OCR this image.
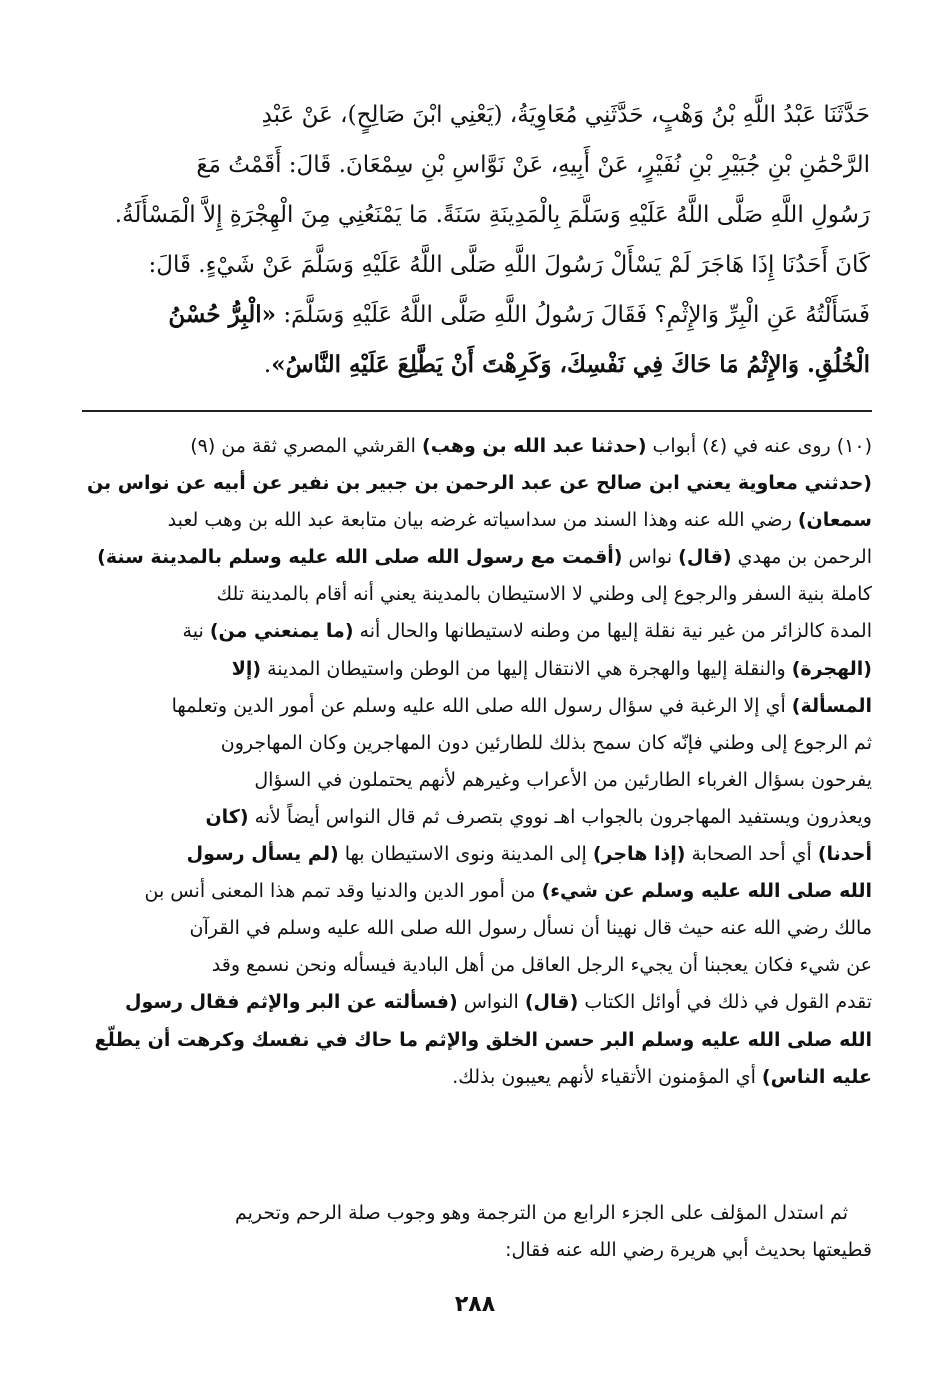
حَدَّثَنَا عَبْدُ اللَّهِ بْنُ وَهْبٍ، حَدَّثَنِي مُعَاوِيَةُ، (يَعْنِي ابْنَ صَالِحٍ)، عَنْ عَبْدِ
الرَّحْمَٰنِ بْنِ جُبَيْرِ بْنِ نُفَيْرٍ، عَنْ أَبِيهِ، عَنْ نَوَّاسِ بْنِ سِمْعَانَ. قَالَ: أَقَمْتُ مَعَ
رَسُولِ اللَّهِ صَلَّى اللَّهُ عَلَيْهِ وَسَلَّمَ بِالْمَدِينَةِ سَنَةً. مَا يَمْنَعُنِي مِنَ الْهِجْرَةِ إِلاَّ الْمَسْأَلَةُ.
كَانَ أَحَدُنَا إِذَا هَاجَرَ لَمْ يَسْأَلْ رَسُولَ اللَّهِ صَلَّى اللَّهُ عَلَيْهِ وَسَلَّمَ عَنْ شَيْءٍ. قَالَ:
فَسَأَلْتُهُ عَنِ الْبِرِّ وَالإِثْمِ؟ فَقَالَ رَسُولُ اللَّهِ صَلَّى اللَّهُ عَلَيْهِ وَسَلَّمَ: «الْبِرُّ حُسْنُ
الْخُلُقِ. وَالإِثْمُ مَا حَاكَ فِي نَفْسِكَ، وَكَرِهْتَ أَنْ يَطَّلِعَ عَلَيْهِ النَّاسُ».
(١٠) روى عنه في (٤) أبواب (حدثنا عبد الله بن وهب) القرشي المصري ثقة من (٩)
(حدثني معاوية يعني ابن صالح عن عبد الرحمن بن جبير بن نفير عن أبيه عن نواس بن
سمعان) رضي الله عنه وهذا السند من سداسياته غرضه بيان متابعة عبد الله بن وهب لعبد
الرحمن بن مهدي (قال) نواس (أقمت مع رسول الله صلى الله عليه وسلم بالمدينة سنة)
كاملة بنية السفر والرجوع إلى وطني لا الاستيطان بالمدينة يعني أنه أقام بالمدينة تلك
المدة كالزائر من غير نية نقلة إليها من وطنه لاستيطانها والحال أنه (ما يمنعني من) نية
(الهجرة) والنقلة إليها والهجرة هي الانتقال إليها من الوطن واستيطان المدينة (إلا
المسألة) أي إلا الرغبة في سؤال رسول الله صلى الله عليه وسلم عن أمور الدين وتعلمها
ثم الرجوع إلى وطني فإنّه كان سمح بذلك للطارئين دون المهاجرين وكان المهاجرون
يفرحون بسؤال الغرباء الطارئين من الأعراب وغيرهم لأنهم يحتملون في السؤال
ويعذرون ويستفيد المهاجرون بالجواب اهـ نووي بتصرف ثم قال النواس أيضاً لأنه (كان
أحدنا) أي أحد الصحابة (إذا هاجر) إلى المدينة ونوى الاستيطان بها (لم يسأل رسول
الله صلى الله عليه وسلم عن شيء) من أمور الدين والدنيا وقد تمم هذا المعنى أنس بن
مالك رضي الله عنه حيث قال نهينا أن نسأل رسول الله صلى الله عليه وسلم في القرآن
عن شيء فكان يعجبنا أن يجيء الرجل العاقل من أهل البادية فيسأله ونحن نسمع وقد
تقدم القول في ذلك في أوائل الكتاب (قال) النواس (فسألته عن البر والإثم فقال رسول
الله صلى الله عليه وسلم البر حسن الخلق والإثم ما حاك في نفسك وكرهت أن يطلّع
عليه الناس) أي المؤمنون الأتقياء لأنهم يعيبون بذلك.
ثم استدل المؤلف على الجزء الرابع من الترجمة وهو وجوب صلة الرحم وتحريم
قطيعتها بحديث أبي هريرة رضي الله عنه فقال:
٢٨٨
